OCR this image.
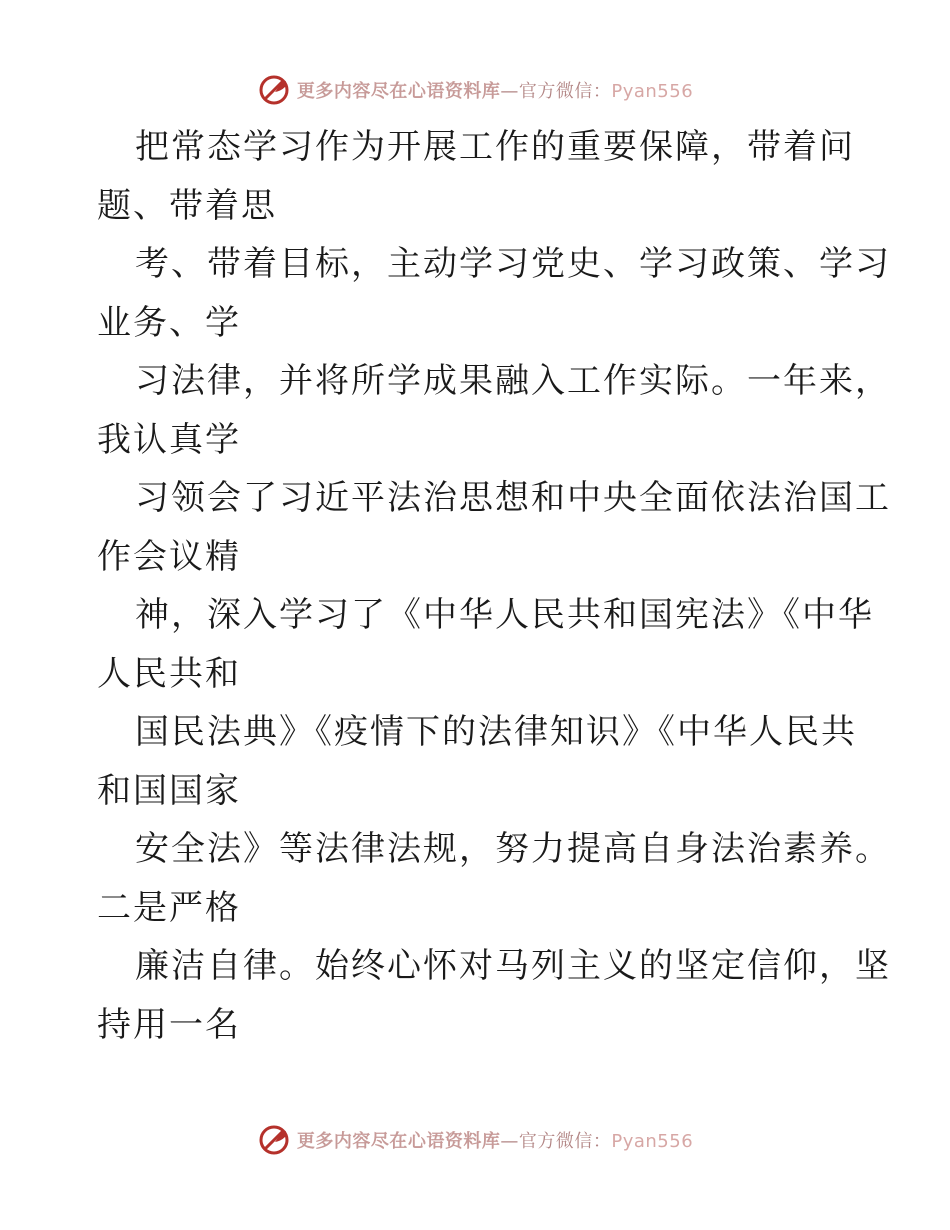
更多内容尽在心语资料库—官方微信：Pyan556
把常态学习作为开展工作的重要保障，带着问
题、带着思
考、带着目标，主动学习党史、学习政策、学习
业务、学
习法律，并将所学成果融入工作实际。一年来，
我认真学
习领会了习近平法治思想和中央全面依法治国工
作会议精
神，深入学习了《中华人民共和国宪法》《中华
人民共和
国民法典》《疫情下的法律知识》《中华人民共
和国国家
安全法》等法律法规，努力提高自身法治素养。
二是严格
廉洁自律。始终心怀对马列主义的坚定信仰，坚
持用一名
更多内容尽在心语资料库—官方微信：Pyan556
